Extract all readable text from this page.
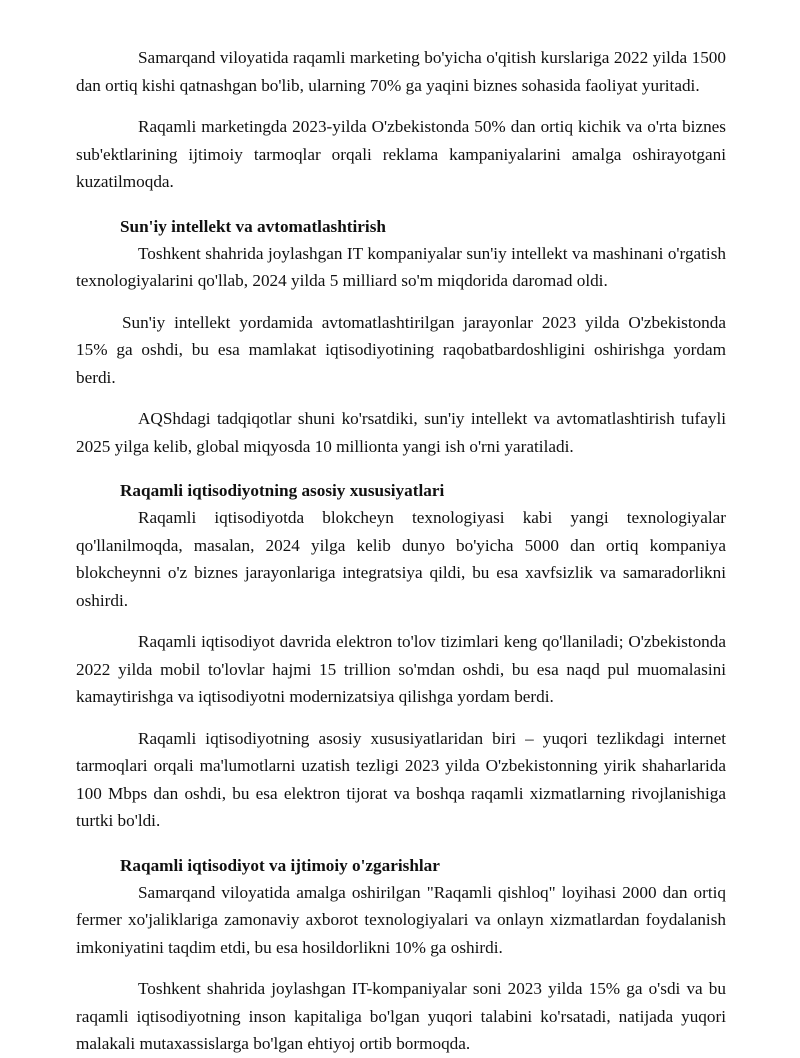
Samarqand viloyatida raqamli marketing bo'yicha o'qitish kurslariga 2022 yilda 1500 dan ortiq kishi qatnashgan bo'lib, ularning 70% ga yaqini biznes sohasida faoliyat yuritadi.

Raqamli marketingda 2023-yilda O'zbekistonda 50% dan ortiq kichik va o'rta biznes sub'ektlarining ijtimoiy tarmoqlar orqali reklama kampaniyalarini amalga oshirayotgani kuzatilmoqda.

Sun'iy intellekt va avtomatlashtirish

Toshkent shahrida joylashgan IT kompaniyalar sun'iy intellekt va mashinani o'rgatish texnologiyalarini qo'llab, 2024 yilda 5 milliard so'm miqdorida daromad oldi.

Sun'iy intellekt yordamida avtomatlashtirilgan jarayonlar 2023 yilda O'zbekistonda 15% ga oshdi, bu esa mamlakat iqtisodiyotining raqobatbardoshligini oshirishga yordam berdi.

AQShdagi tadqiqotlar shuni ko'rsatdiki, sun'iy intellekt va avtomatlashtirish tufayli 2025 yilga kelib, global miqyosda 10 millionta yangi ish o'rni yaratiladi.

Raqamli iqtisodiyotning asosiy xususiyatlari

Raqamli iqtisodiyotda blokcheyn texnologiyasi kabi yangi texnologiyalar qo'llanilmoqda, masalan, 2024 yilga kelib dunyo bo'yicha 5000 dan ortiq kompaniya blokcheynni o'z biznes jarayonlariga integratsiya qildi, bu esa xavfsizlik va samaradorlikni oshirdi.

Raqamli iqtisodiyot davrida elektron to'lov tizimlari keng qo'llaniladi; O'zbekistonda 2022 yilda mobil to'lovlar hajmi 15 trillion so'mdan oshdi, bu esa naqd pul muomalasini kamaytirishga va iqtisodiyotni modernizatsiya qilishga yordam berdi.

Raqamli iqtisodiyotning asosiy xususiyatlaridan biri – yuqori tezlikdagi internet tarmoqlari orqali ma'lumotlarni uzatish tezligi 2023 yilda O'zbekistonning yirik shaharlarida 100 Mbps dan oshdi, bu esa elektron tijorat va boshqa raqamli xizmatlarning rivojlanishiga turtki bo'ldi.

Raqamli iqtisodiyot va ijtimoiy o'zgarishlar

Samarqand viloyatida amalga oshirilgan "Raqamli qishloq" loyihasi 2000 dan ortiq fermer xo'jaliklariga zamonaviy axborot texnologiyalari va onlayn xizmatlardan foydalanish imkoniyatini taqdim etdi, bu esa hosildorlikni 10% ga oshirdi.

Toshkent shahrida joylashgan IT-kompaniyalar soni 2023 yilda 15% ga o'sdi va bu raqamli iqtisodiyotning inson kapitaliga bo'lgan yuqori talabini ko'rsatadi, natijada yuqori malakali mutaxassislarga bo'lgan ehtiyoj ortib bormoqda.
